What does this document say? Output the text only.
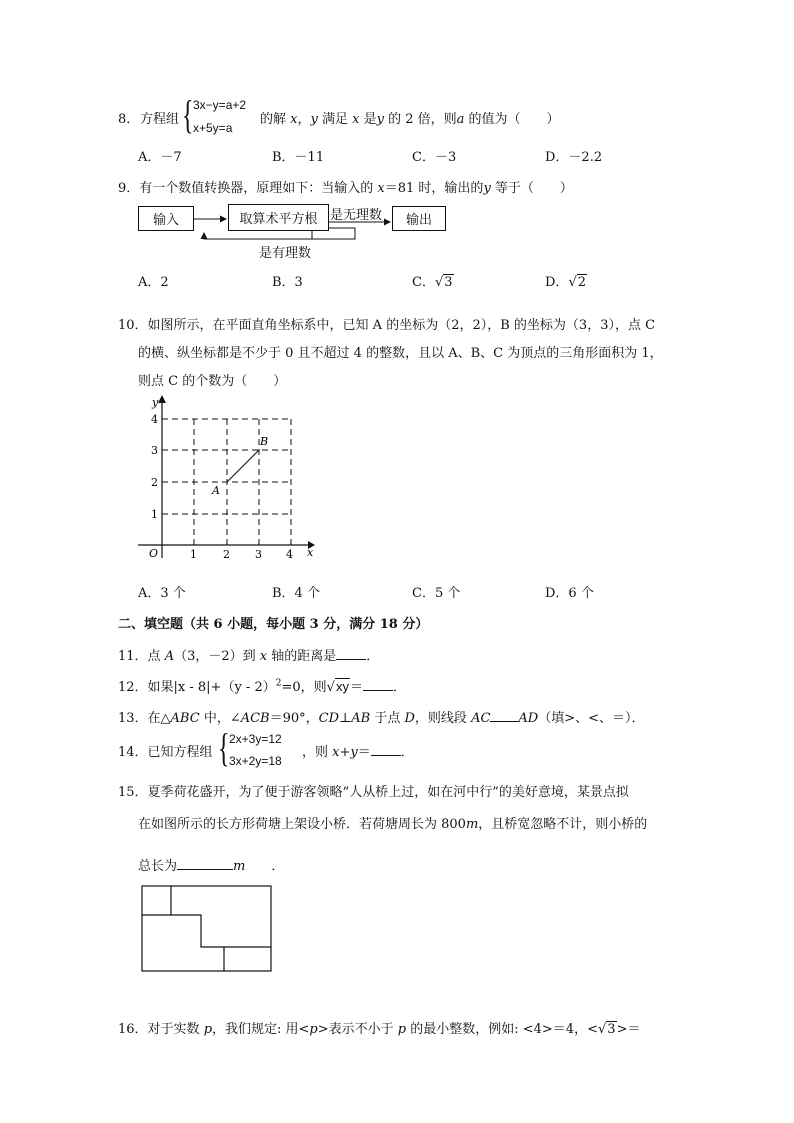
8． 方程组 { 3x−y=a+2
x+5y=a
的解 x，y 满足 x 是y 的 2 倍，则a 的值为（　　）
A．－7	B．－11	C．－3	D．－2.2
9．有一个数值转换器，原理如下：当输入的 x＝81 时，输出的y 等于（　　）
输入	取算术平方根	输出
是无理数
是有理数
A．2	B．3	C．√3	D．√2
10．如图所示，在平面直角坐标系中，已知 A 的坐标为（2，2），B 的坐标为（3，3），点 C
的横、纵坐标都是不少于 0 且不超过 4 的整数，且以 A、B、C 为顶点的三角形面积为 1，
则点 C 的个数为（　　）
y
x
O	1 2 3 4
1
2
3
4
A
B
A．3 个	B．4 个	C．5 个	D．6 个
二、填空题（共 6 小题，每小题 3 分，满分 18 分）
11．点 A（3，－2）到 x 轴的距离是 ．
12．如果|x - 8|+（y - 2）$^2$=0，则√xy＝ ．
13．在△ABC 中，∠ACB＝90°，CD⊥AB 于点 D，则线段 AC AD（填>、<、＝）．
14．已知方程组 { 2x+3y=12
3x+2y=18
，则 x+y＝ ．
15．夏季荷花盛开，为了便于游客领略“人从桥上过，如在河中行”的美好意境，某景点拟
在如图所示的长方形荷塘上架设小桥．若荷塘周长为 800m，且桥宽忽略不计，则小桥的
总长为	m ．
16．对于实数 p，我们规定: 用<p>表示不小于 p 的最小整数，例如: <4>＝4，<√3>＝
